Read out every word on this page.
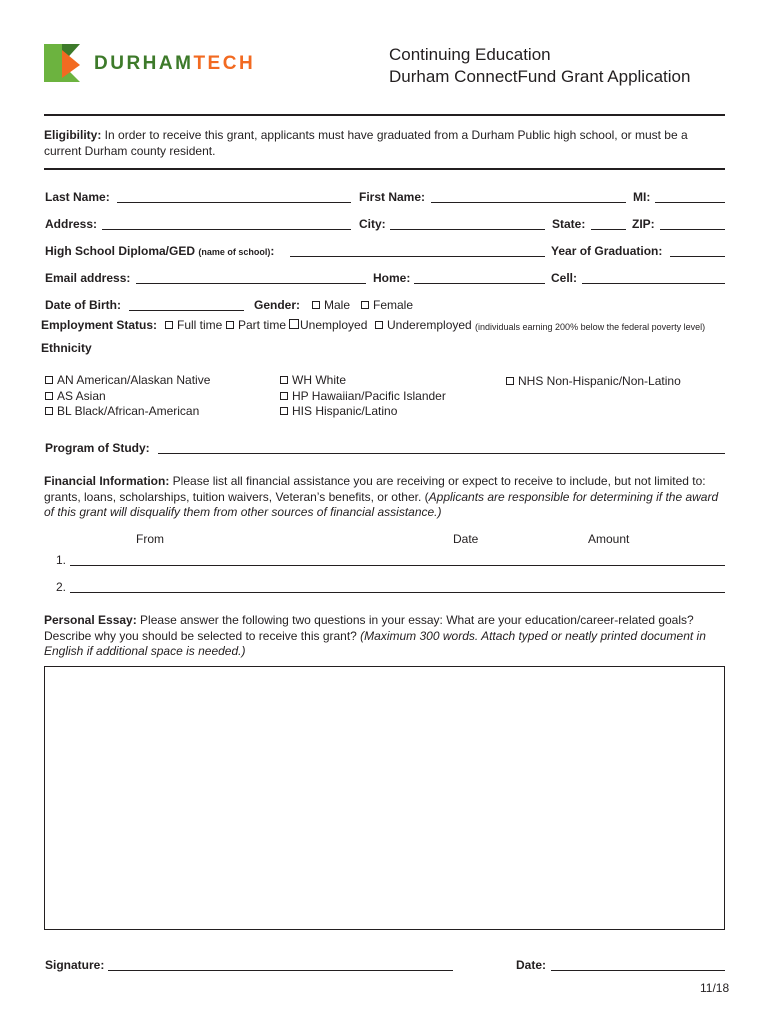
DURHAMTECH	Continuing Education
Durham ConnectFund Grant Application
Eligibility: In order to receive this grant, applicants must have graduated from a Durham Public high school, or must be a current Durham county resident.
Last Name:	First Name:	MI:
Address:	City:	State:	ZIP:
High School Diploma/GED (name of school):	Year of Graduation:
Email address:	Home:	Cell:
Date of Birth:	Gender:	Male	Female
Employment Status:	Full time	Part time	Unemployed	Underemployed (individuals earning 200% below the federal poverty level)
Ethnicity
AN American/Alaskan Native
AS Asian
BL Black/African-American
WH White
HP Hawaiian/Pacific Islander
HIS Hispanic/Latino
NHS Non-Hispanic/Non-Latino
Program of Study:
Financial Information: Please list all financial assistance you are receiving or expect to receive to include, but not limited to: grants, loans, scholarships, tuition waivers, Veteran’s benefits, or other. (Applicants are responsible for determining if the award of this grant will disqualify them from other sources of financial assistance.)
From	Date	Amount
1.
2.
Personal Essay: Please answer the following two questions in your essay: What are your education/career-related goals? Describe why you should be selected to receive this grant? (Maximum 300 words. Attach typed or neatly printed document in English if additional space is needed.)
Signature:	Date:
11/18
